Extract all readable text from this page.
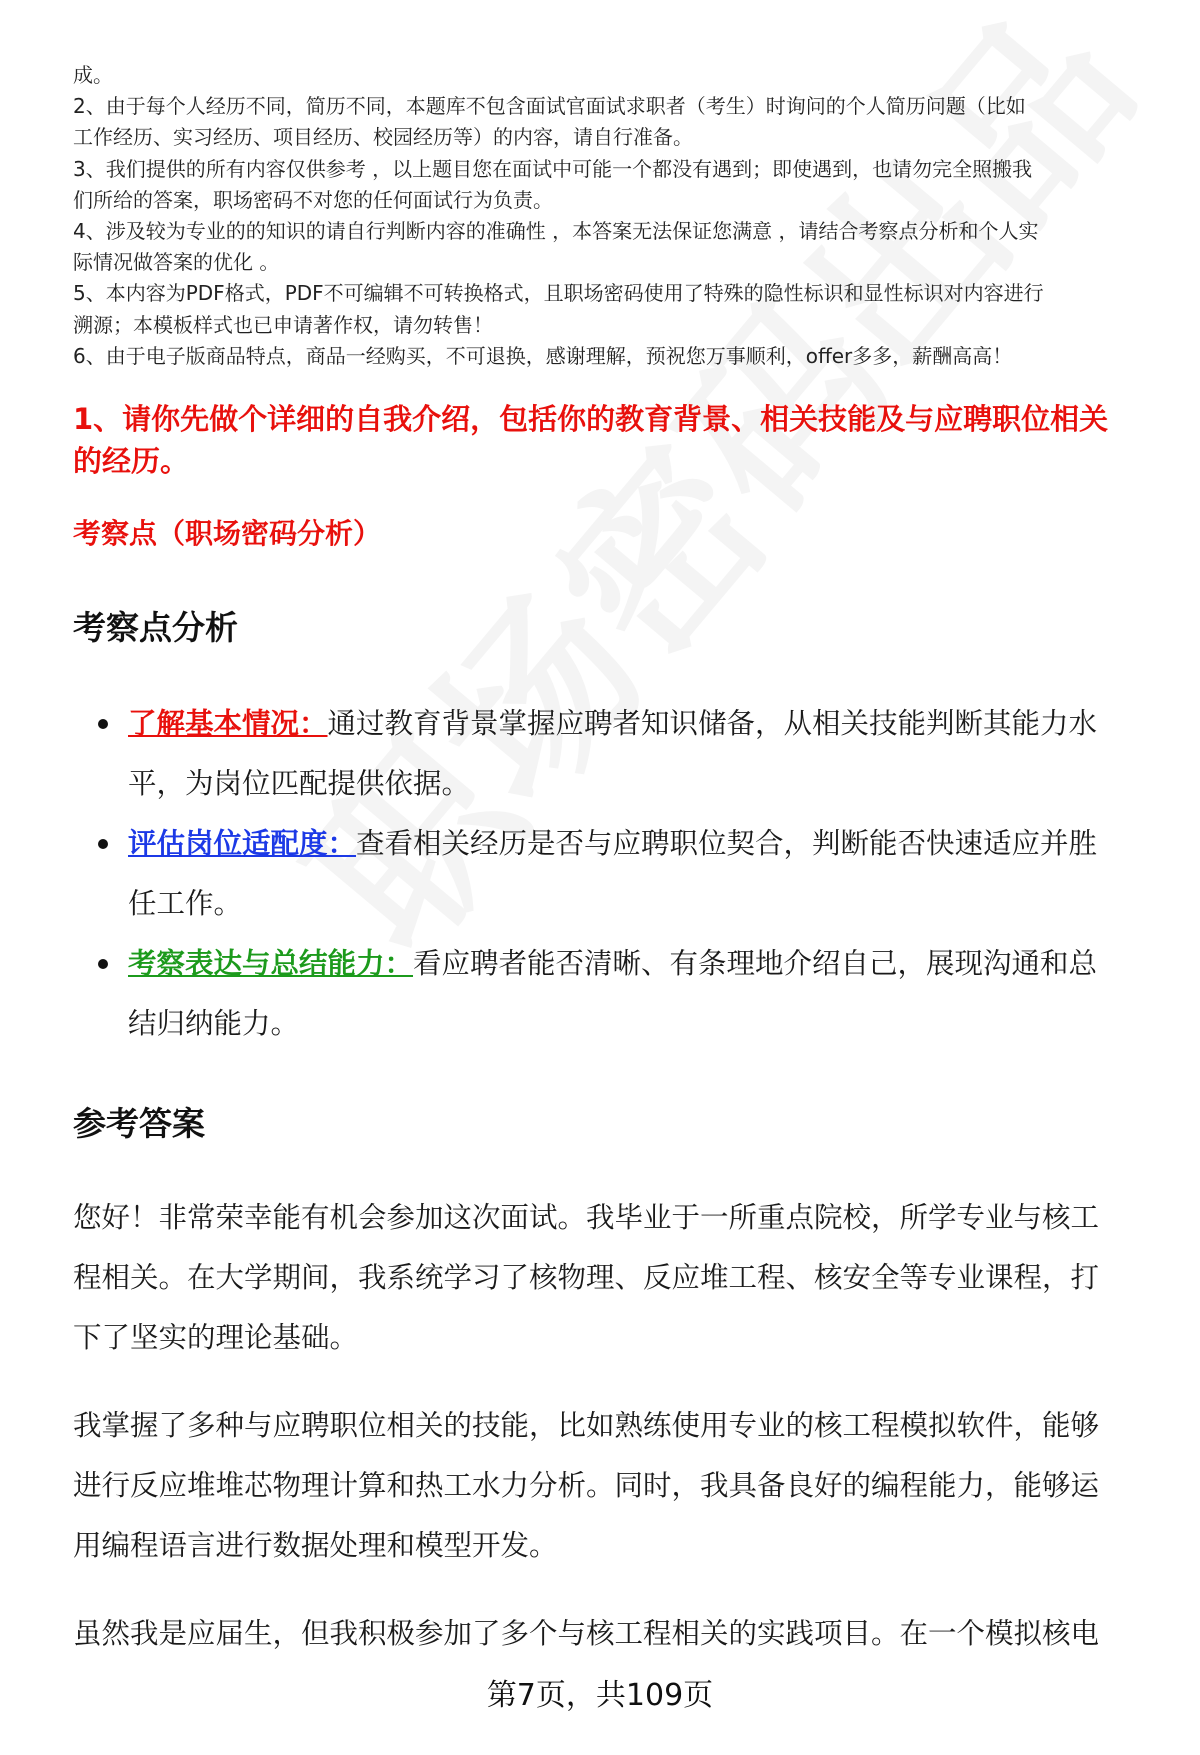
成。
2、由于每个人经历不同，简历不同，本题库不包含面试官面试求职者（考生）时询问的个人简历问题（比如
工作经历、实习经历、项目经历、校园经历等）的内容，请自行准备。
3、我们提供的所有内容仅供参考 ，以上题目您在面试中可能一个都没有遇到；即使遇到，也请勿完全照搬我
们所给的答案，职场密码不对您的任何面试行为负责。
4、涉及较为专业的的知识的请自行判断内容的准确性 ，本答案无法保证您满意 ，请结合考察点分析和个人实
际情况做答案的优化 。
5、本内容为PDF格式，PDF不可编辑不可转换格式，且职场密码使用了特殊的隐性标识和显性标识对内容进行
溯源；本模板样式也已申请著作权，请勿转售！
6、由于电子版商品特点，商品一经购买，不可退换，感谢理解，预祝您万事顺利，offer多多，薪酬高高！
1、请你先做个详细的自我介绍，包括你的教育背景、相关技能及与应聘职位相关
的经历。
考察点（职场密码分析）
考察点分析
了解基本情况：通过教育背景掌握应聘者知识储备，从相关技能判断其能力水
平，为岗位匹配提供依据。
评估岗位适配度：查看相关经历是否与应聘职位契合，判断能否快速适应并胜
任工作。
考察表达与总结能力：看应聘者能否清晰、有条理地介绍自己，展现沟通和总
结归纳能力。
参考答案
您好！非常荣幸能有机会参加这次面试。我毕业于一所重点院校，所学专业与核工
程相关。在大学期间，我系统学习了核物理、反应堆工程、核安全等专业课程，打
下了坚实的理论基础。
我掌握了多种与应聘职位相关的技能，比如熟练使用专业的核工程模拟软件，能够
进行反应堆堆芯物理计算和热工水力分析。同时，我具备良好的编程能力，能够运
用编程语言进行数据处理和模型开发。
虽然我是应届生，但我积极参加了多个与核工程相关的实践项目。在一个模拟核电
第7页，共109页
